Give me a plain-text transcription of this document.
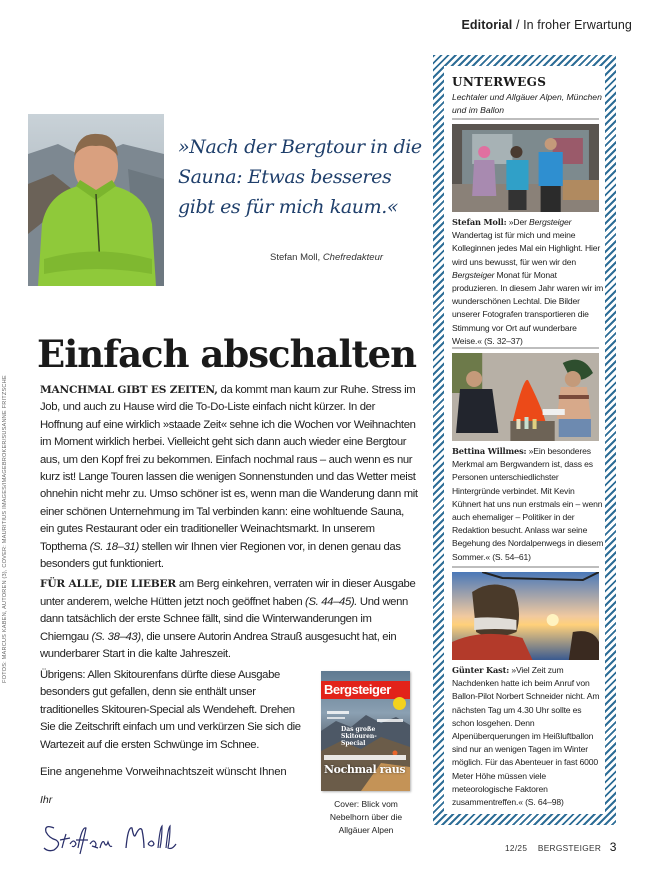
Editorial / In froher Erwartung
»Nach der Bergtour in die Sauna: Etwas besseres gibt es für mich kaum.«
Stefan Moll, Chefredakteur
Einfach abschalten
FOTOS: MARCUS KABEN, AUTOREN (3), COVER: MAURITIUS IMAGES/IMAGEBROKER/SUSANNE FRITZSCHE	MANCHMAL GIBT ES ZEITEN, da kommt man kaum zur Ruhe. Stress im Job, und auch zu Hause wird die To-Do-Liste einfach nicht kürzer. In der Hoffnung auf eine wirklich »staade Zeit« sehne ich die Wochen vor Weihnachten im Moment wirklich herbei. Vielleicht geht sich dann auch wieder eine Bergtour aus, um den Kopf frei zu bekommen. Einfach nochmal raus – auch wenn es nur kurz ist! Lange Touren lassen die wenigen Sonnenstunden und das Wetter meist ohnehin nicht mehr zu. Umso schöner ist es, wenn man die Wanderung dann mit einer schönen Unternehmung im Tal verbinden kann: eine wohltuende Sauna, ein gutes Restaurant oder ein traditioneller Weinachtsmarkt. In unserem Topthema (S. 18–31) stellen wir Ihnen vier Regionen vor, in denen genau das besonders gut funktioniert.

FÜR ALLE, DIE LIEBER am Berg einkehren, verraten wir in dieser Ausgabe unter anderem, welche Hütten jetzt noch geöffnet haben (S. 44–45). Und wenn dann tatsächlich der erste Schnee fällt, sind die Winterwanderungen im Chiemgau (S. 38–43), die unsere Autorin Andrea Strauß ausgesucht hat, ein wunderbarer Start in die kalte Jahreszeit.

Übrigens: Allen Skitourenfans dürfte diese Ausgabe besonders gut gefallen, denn sie enthält unser traditionelles Skitouren-Special als Wendeheft. Drehen Sie die Zeitschrift einfach um und verkürzen Sie sich die Wartezeit auf die ersten Schwünge im Schnee.

Eine angenehme Vorweihnachtszeit wünscht Ihnen
Ihr
Bergsteiger
Das große Skitouren-Special
Nochmal raus
Cover: Blick vom Nebelhorn über die Allgäuer Alpen
UNTERWEGS
Lechtaler und Allgäuer Alpen, München und im Ballon
Stefan Moll: »Der Bergsteiger Wandertag ist für mich und meine Kolleginnen jedes Mal ein Highlight. Hier wird uns bewusst, für wen wir den Bergsteiger Monat für Monat produzieren. In diesem Jahr waren wir im wunderschönen Lechtal. Die Bilder unserer Fotografen transportieren die Stimmung vor Ort auf wunderbare Weise.« (S. 32–37)
Bettina Willmes: »Ein besonderes Merkmal am Bergwandern ist, dass es Personen unterschiedlichster Hintergründe verbindet. Mit Kevin Kühnert hat uns nun erstmals ein – wenn auch ehemaliger – Politiker in der Redaktion besucht. Anlass war seine Begehung des Nordalpenwegs in diesem Sommer.« (S. 54–61)
Günter Kast: »Viel Zeit zum Nachdenken hatte ich beim Anruf von Ballon-Pilot Norbert Schneider nicht. Am nächsten Tag um 4.30 Uhr sollte es schon losgehen. Denn Alpenüberquerungen im Heißluftballon sind nur an wenigen Tagen im Winter möglich. Für das Abenteuer in fast 6000 Meter Höhe müssen viele meteorologische Faktoren zusammentreffen.« (S. 64–98)
12/25 BERGSTEIGER 3
